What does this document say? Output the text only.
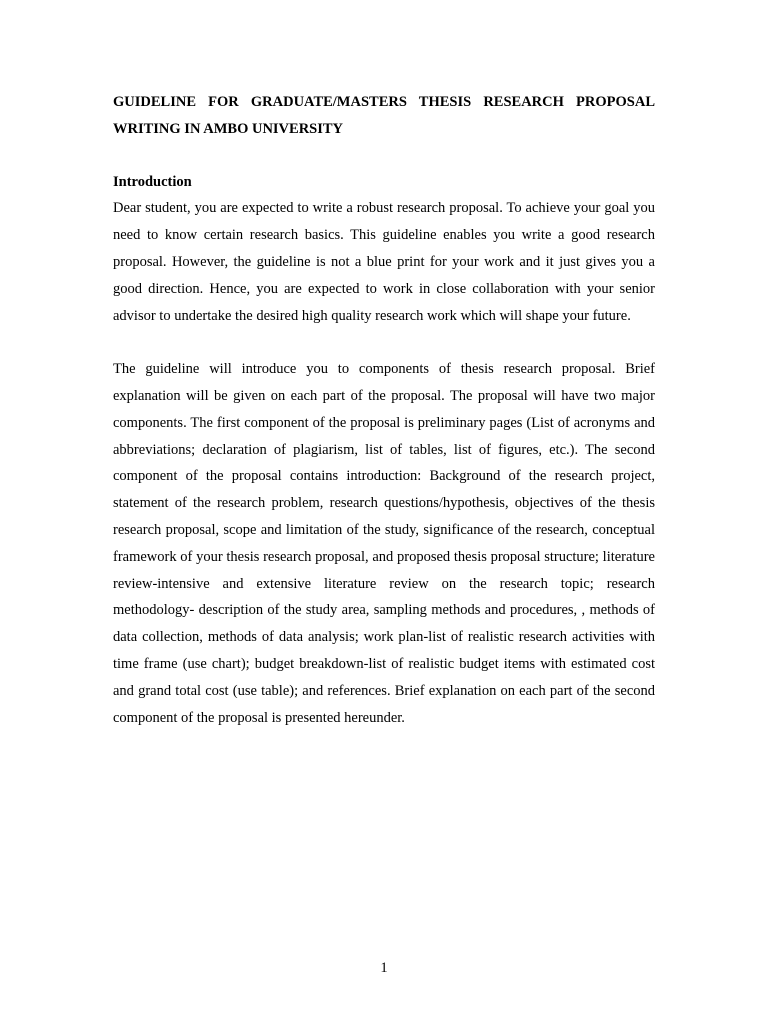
GUIDELINE FOR GRADUATE/MASTERS THESIS RESEARCH PROPOSAL WRITING IN AMBO UNIVERSITY

Introduction

Dear student, you are expected to write a robust research proposal. To achieve your goal you need to know certain research basics. This guideline enables you write a good research proposal. However, the guideline is not a blue print for your work and it just gives you a good direction. Hence, you are expected to work in close collaboration with your senior advisor to undertake the desired high quality research work which will shape your future.

The guideline will introduce you to components of thesis research proposal. Brief explanation will be given on each part of the proposal. The proposal will have two major components. The first component of the proposal is preliminary pages (List of acronyms and abbreviations; declaration of plagiarism, list of tables, list of figures, etc.). The second component of the proposal contains introduction: Background of the research project, statement of the research problem, research questions/hypothesis, objectives of the thesis research proposal, scope and limitation of the study, significance of the research, conceptual framework of your thesis research proposal, and proposed thesis proposal structure; literature review-intensive and extensive literature review on the research topic; research methodology- description of the study area, sampling methods and procedures, , methods of data collection, methods of data analysis; work plan-list of realistic research activities with time frame (use chart); budget breakdown-list of realistic budget items with estimated cost and grand total cost (use table); and references. Brief explanation on each part of the second component of the proposal is presented hereunder.

1
